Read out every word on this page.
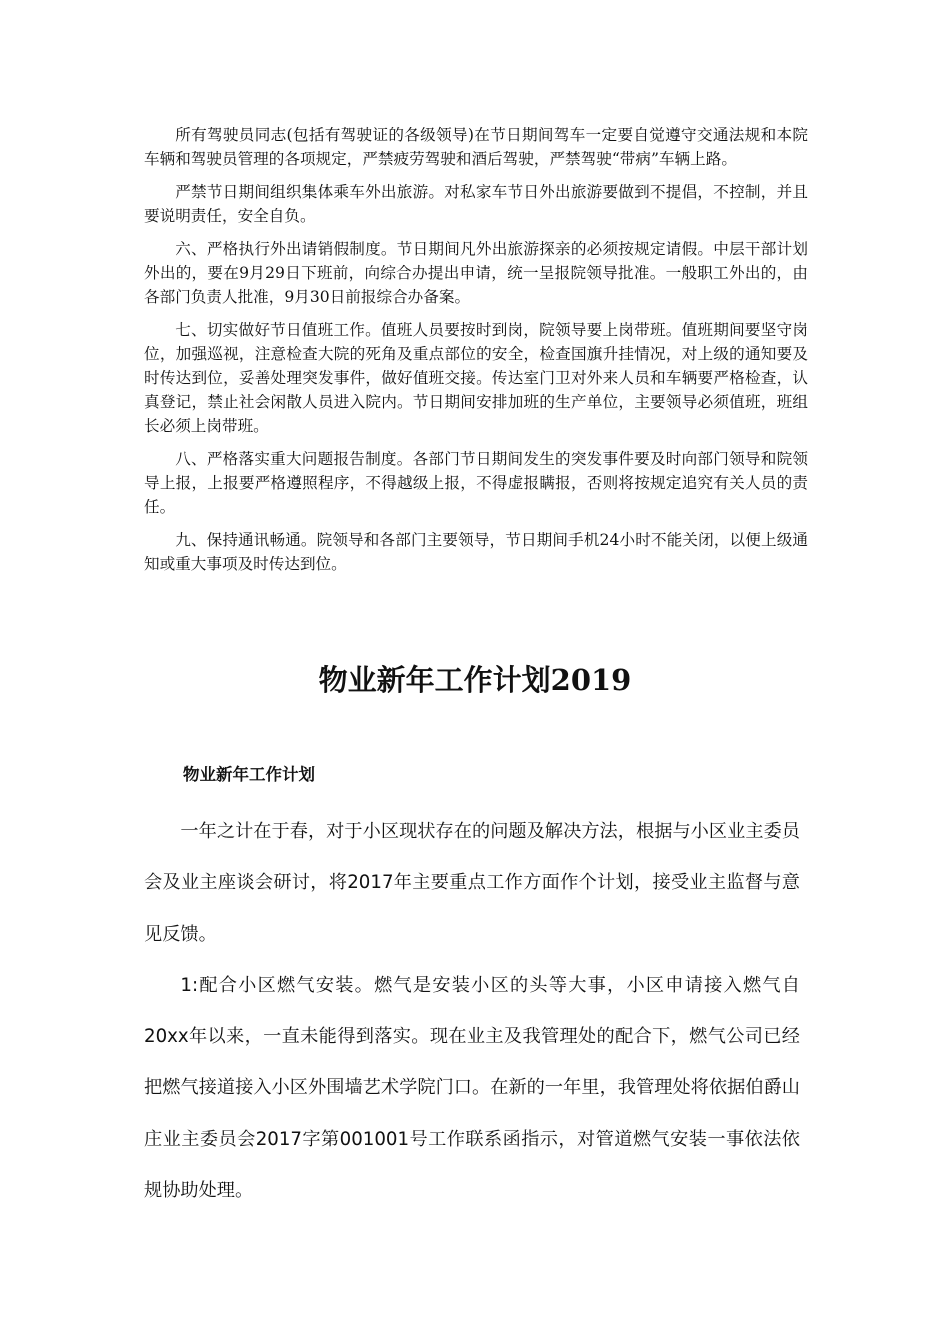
所有驾驶员同志(包括有驾驶证的各级领导)在节日期间驾车一定要自觉遵守交通法规和本院车辆和驾驶员管理的各项规定，严禁疲劳驾驶和酒后驾驶，严禁驾驶“带病”车辆上路。

严禁节日期间组织集体乘车外出旅游。对私家车节日外出旅游要做到不提倡，不控制，并且要说明责任，安全自负。

六、严格执行外出请销假制度。节日期间凡外出旅游探亲的必须按规定请假。中层干部计划外出的，要在9月29日下班前，向综合办提出申请，统一呈报院领导批准。一般职工外出的，由各部门负责人批准，9月30日前报综合办备案。

七、切实做好节日值班工作。值班人员要按时到岗，院领导要上岗带班。值班期间要坚守岗位，加强巡视，注意检查大院的死角及重点部位的安全，检查国旗升挂情况，对上级的通知要及时传达到位，妥善处理突发事件，做好值班交接。传达室门卫对外来人员和车辆要严格检查，认真登记，禁止社会闲散人员进入院内。节日期间安排加班的生产单位，主要领导必须值班，班组长必须上岗带班。

八、严格落实重大问题报告制度。各部门节日期间发生的突发事件要及时向部门领导和院领导上报，上报要严格遵照程序，不得越级上报，不得虚报瞒报，否则将按规定追究有关人员的责任。

九、保持通讯畅通。院领导和各部门主要领导，节日期间手机24小时不能关闭，以便上级通知或重大事项及时传达到位。

物业新年工作计划2019
物业新年工作计划

一年之计在于春，对于小区现状存在的问题及解决方法，根据与小区业主委员会及业主座谈会研讨，将2017年主要重点工作方面作个计划，接受业主监督与意见反馈。

1:配合小区燃气安装。燃气是安装小区的头等大事，小区申请接入燃气自20xx年以来，一直未能得到落实。现在业主及我管理处的配合下，燃气公司已经把燃气接道接入小区外围墙艺术学院门口。在新的一年里，我管理处将依据伯爵山庄业主委员会2017字第001001号工作联系函指示，对管道燃气安装一事依法依规协助处理。
